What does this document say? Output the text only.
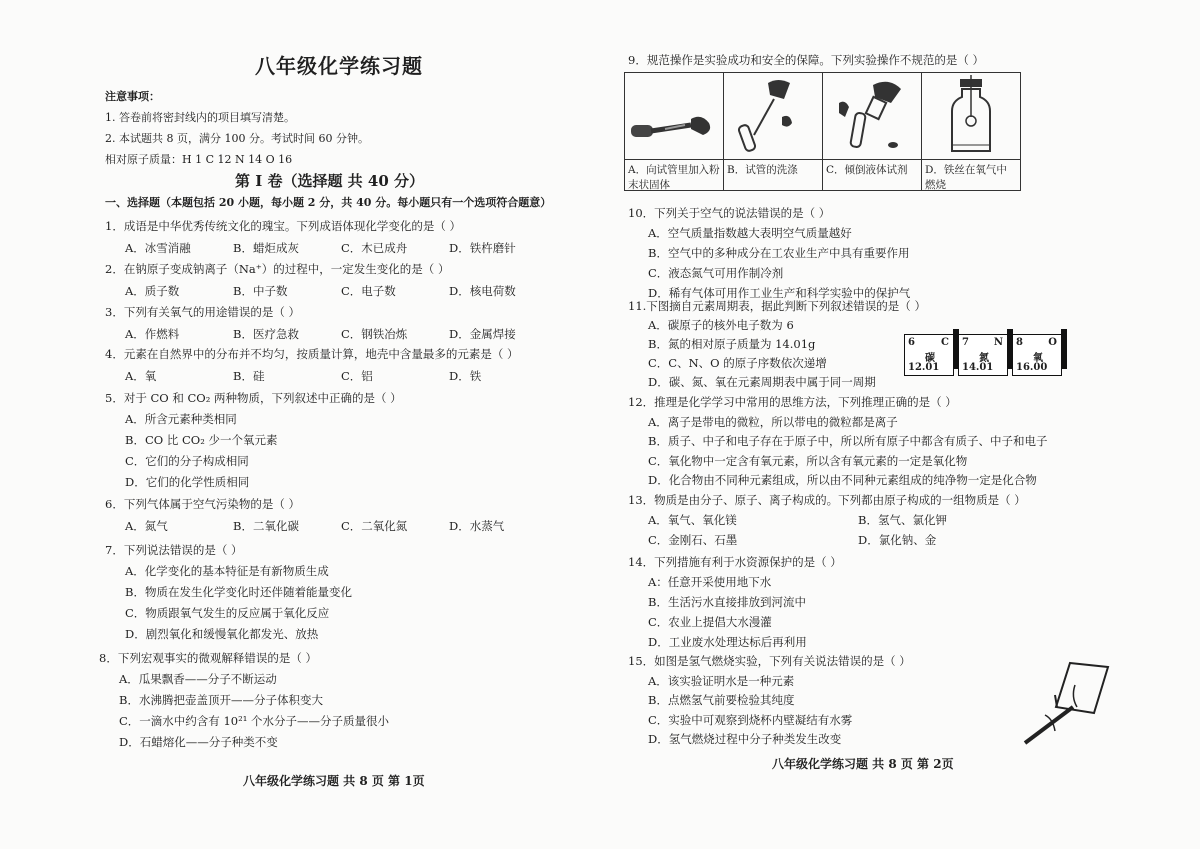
八年级化学练习题
注意事项：
1. 答卷前将密封线内的项目填写清楚。
2. 本试题共 8 页，满分 100 分。考试时间 60 分钟。
相对原子质量：H 1 C 12 N 14 O 16
第 I 卷（选择题 共 40 分）
一、选择题（本题包括 20 小题，每小题 2 分，共 40 分。每小题只有一个选项符合题意）
1．成语是中华优秀传统文化的瑰宝。下列成语体现化学变化的是（ ）
A．冰雪消融	B．蜡炬成灰	C．木已成舟	D．铁杵磨针
2．在钠原子变成钠离子（Na⁺）的过程中，一定发生变化的是（ ）
A．质子数	B．中子数	C．电子数	D．核电荷数
3．下列有关氧气的用途错误的是（ ）
A．作燃料	B．医疗急救	C．钢铁冶炼	D．金属焊接
4．元素在自然界中的分布并不均匀，按质量计算，地壳中含量最多的元素是（ ）
A．氧	B．硅	C．铝	D．铁
5．对于 CO 和 CO₂ 两种物质，下列叙述中正确的是（ ）
A．所含元素种类相同
B．CO 比 CO₂ 少一个氧元素
C．它们的分子构成相同
D．它们的化学性质相同
6．下列气体属于空气污染物的是（ ）
A．氮气	B．二氧化碳	C．二氧化氮	D．水蒸气
7．下列说法错误的是（ ）
A．化学变化的基本特征是有新物质生成
B．物质在发生化学变化时还伴随着能量变化
C．物质跟氧气发生的反应属于氧化反应
D．剧烈氧化和缓慢氧化都发光、放热
8．下列宏观事实的微观解释错误的是（ ）
A．瓜果飘香——分子不断运动
B．水沸腾把壶盖顶开——分子体积变大
C．一滴水中约含有 10²¹ 个水分子——分子质量很小
D．石蜡熔化——分子种类不变
八年级化学练习题 共 8 页 第 1页
9．规范操作是实验成功和安全的保障。下列实验操作不规范的是（ ）

A．向试管里加入粉末状固体	B．试管的洗涤	C．倾倒液体试剂	D．铁丝在氧气中燃烧
10．下列关于空气的说法错误的是（ ）
A．空气质量指数越大表明空气质量越好
B．空气中的多种成分在工农业生产中具有重要作用
C．液态氮气可用作制冷剂
D．稀有气体可用作工业生产和科学实验中的保护气
11.下图摘自元素周期表，据此判断下列叙述错误的是（ ）
A．碳原子的核外电子数为 6
B．氮的相对原子质量为 14.01g
C．C、N、O 的原子序数依次递增
D．碳、氮、氧在元素周期表中属于同一周期
6	C
碳
12.01
7 N
氮
14.01
8	O
氧
16.00
12．推理是化学学习中常用的思维方法，下列推理正确的是（ ）
A．离子是带电的微粒，所以带电的微粒都是离子
B．质子、中子和电子存在于原子中，所以所有原子中都含有质子、中子和电子
C．氧化物中一定含有氧元素，所以含有氧元素的一定是氧化物
D．化合物由不同种元素组成，所以由不同种元素组成的纯净物一定是化合物
13．物质是由分子、原子、离子构成的。下列都由原子构成的一组物质是（ ）
A．氧气、氧化镁	B．氢气、氯化钾
C．金刚石、石墨	D．氯化钠、金
14．下列措施有利于水资源保护的是（ ）
A：任意开采使用地下水
B．生活污水直接排放到河流中
C．农业上提倡大水漫灌
D．工业废水处理达标后再利用
15．如图是氢气燃烧实验，下列有关说法错误的是（ ）
A．该实验证明水是一种元素
B．点燃氢气前要检验其纯度
C．实验中可观察到烧杯内壁凝结有水雾
D．氢气燃烧过程中分子种类发生改变
八年级化学练习题 共 8 页 第 2页
